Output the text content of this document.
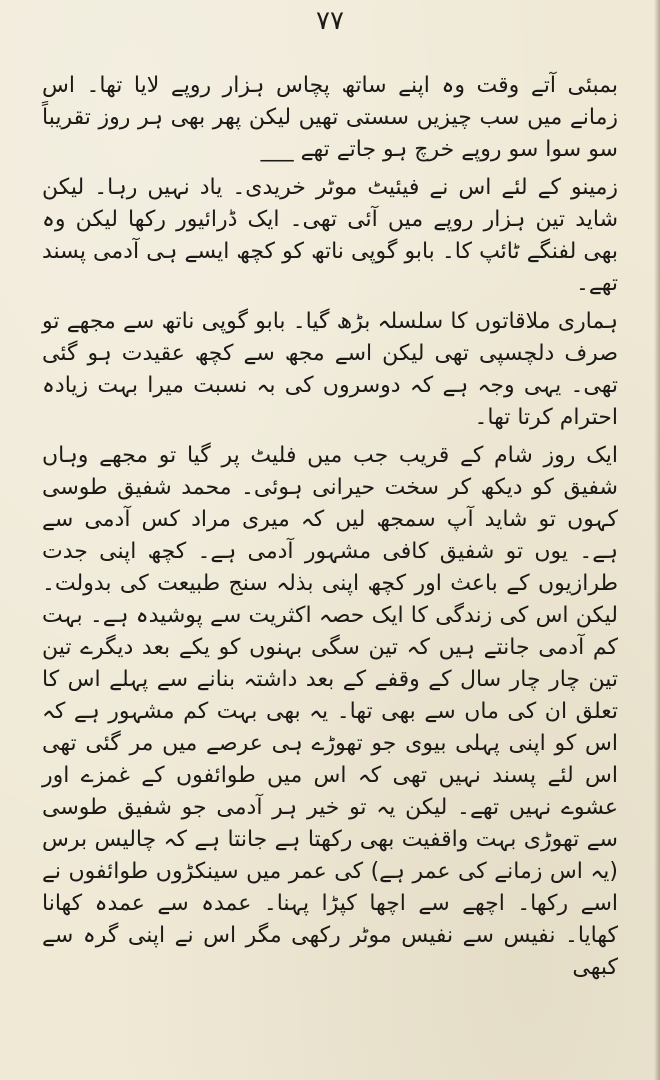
۷۷

بمبئی آتے وقت وہ اپنے ساتھ پچاس ہزار روپے لایا تھا۔ اس زمانے میں سب چیزیں سستی تھیں لیکن پھر بھی ہر روز تقریباً سو سوا سو روپے خرچ ہو جاتے تھے ___

زمینو کے لئے اس نے فیئیٹ موٹر خریدی۔ یاد نہیں رہا۔ لیکن شاید تین ہزار روپے میں آئی تھی۔ ایک ڈرائیور رکھا لیکن وہ بھی لفنگے ٹائپ کا۔ بابو گوپی ناتھ کو کچھ ایسے ہی آدمی پسند تھے۔

ہماری ملاقاتوں کا سلسلہ بڑھ گیا۔ بابو گوپی ناتھ سے مجھے تو صرف دلچسپی تھی لیکن اسے مجھ سے کچھ عقیدت ہو گئی تھی۔ یہی وجہ ہے کہ دوسروں کی بہ نسبت میرا بہت زیادہ احترام کرتا تھا۔

ایک روز شام کے قریب جب میں فلیٹ پر گیا تو مجھے وہاں شفیق کو دیکھ کر سخت حیرانی ہوئی۔ محمد شفیق طوسی کہوں تو شاید آپ سمجھ لیں کہ میری مراد کس آدمی سے ہے۔ یوں تو شفیق کافی مشہور آدمی ہے۔ کچھ اپنی جدت طرازیوں کے باعث اور کچھ اپنی بذلہ سنج طبیعت کی بدولت۔ لیکن اس کی زندگی کا ایک حصہ اکثریت سے پوشیدہ ہے۔ بہت کم آدمی جانتے ہیں کہ تین سگی بہنوں کو یکے بعد دیگرے تین تین چار چار سال کے وقفے کے بعد داشتہ بنانے سے پہلے اس کا تعلق ان کی ماں سے بھی تھا۔ یہ بھی بہت کم مشہور ہے کہ اس کو اپنی پہلی بیوی جو تھوڑے ہی عرصے میں مر گئی تھی اس لئے پسند نہیں تھی کہ اس میں طوائفوں کے غمزے اور عشوے نہیں تھے۔ لیکن یہ تو خیر ہر آدمی جو شفیق طوسی سے تھوڑی بہت واقفیت بھی رکھتا ہے جانتا ہے کہ چالیس برس (یہ اس زمانے کی عمر ہے) کی عمر میں سینکڑوں طوائفوں نے اسے رکھا۔ اچھے سے اچھا کپڑا پہنا۔ عمدہ سے عمدہ کھانا کھایا۔ نفیس سے نفیس موٹر رکھی مگر اس نے اپنی گرہ سے کبھی
